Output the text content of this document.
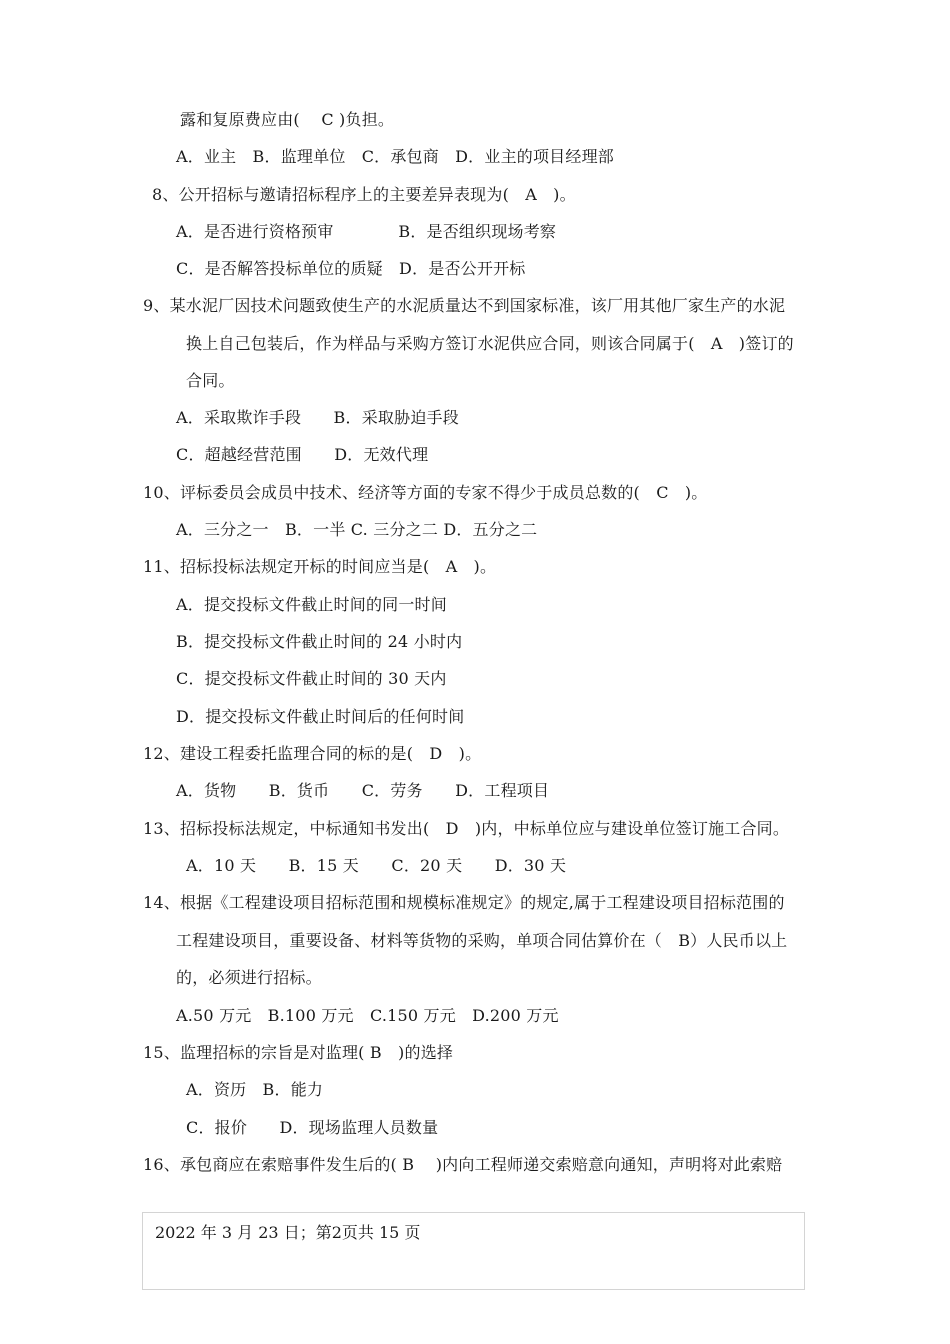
露和复原费应由(　 C )负担。
A．业主　B．监理单位　C．承包商　D．业主的项目经理部
8、公开招标与邀请招标程序上的主要差异表现为(　A　)。
A．是否进行资格预审　　　　B．是否组织现场考察
C．是否解答投标单位的质疑　D．是否公开开标
9、某水泥厂因技术问题致使生产的水泥质量达不到国家标准，该厂用其他厂家生产的水泥
换上自己包装后，作为样品与采购方签订水泥供应合同，则该合同属于(　A　)签订的
合同。
A．采取欺诈手段　　B．采取胁迫手段
C．超越经营范围　　D．无效代理
10、评标委员会成员中技术、经济等方面的专家不得少于成员总数的(　C　)。
A．三分之一　B．一半 C. 三分之二 D．五分之二
11、招标投标法规定开标的时间应当是(　A　)。
A．提交投标文件截止时间的同一时间
B．提交投标文件截止时间的 24 小时内
C．提交投标文件截止时间的 30 天内
D．提交投标文件截止时间后的任何时间
12、建设工程委托监理合同的标的是(　D　)。
A．货物　　B．货币　　C．劳务　　D．工程项目
13、招标投标法规定，中标通知书发出(　D　)内，中标单位应与建设单位签订施工合同。
A．10 天　　B．15 天　　C．20 天　　D．30 天
14、根据《工程建设项目招标范围和规模标准规定》的规定,属于工程建设项目招标范围的
工程建设项目，重要设备、材料等货物的采购，单项合同估算价在（　B）人民币以上
的，必须进行招标。
A.50 万元　B.100 万元　C.150 万元　D.200 万元
15、监理招标的宗旨是对监理( B　)的选择
A．资历　B．能力
C．报价　　D．现场监理人员数量
16、承包商应在索赔事件发生后的( B　 )内向工程师递交索赔意向通知，声明将对此索赔
2022 年 3 月 23 日；第2页共 15 页
